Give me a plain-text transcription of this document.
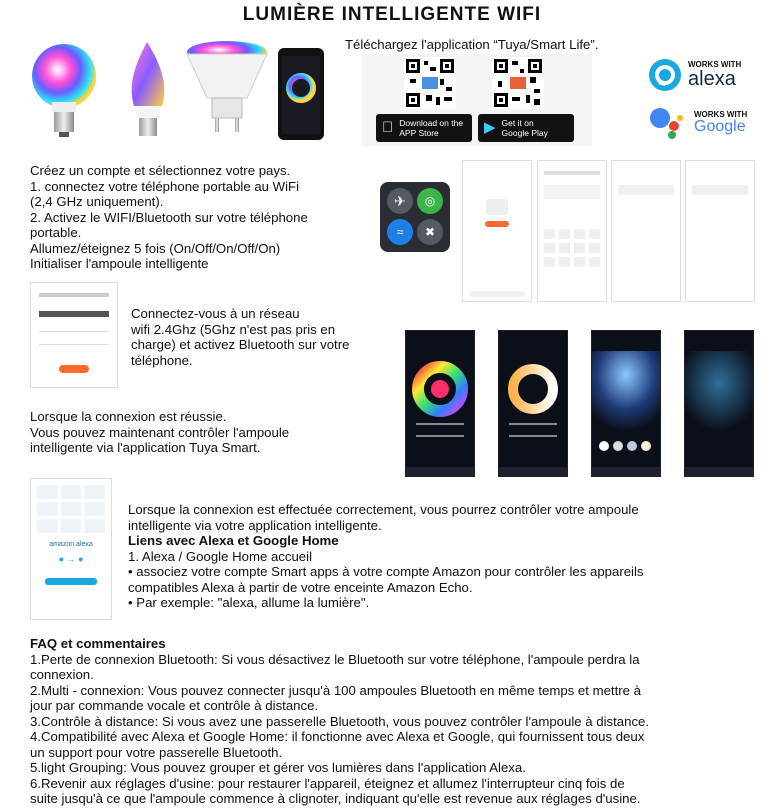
LUMIÈRE INTELLIGENTE WIFI
Téléchargez l'application “Tuya/Smart Life”.
Download on the
APP Store	▶ Get it on
Google Play
WORKS WITH
alexa
WORKS WITH
Google
Créez un compte et sélectionnez votre pays.
1. connectez votre téléphone portable au WiFi
(2,4 GHz uniquement).
2. Activez le WIFI/Bluetooth sur votre téléphone
portable.
Allumez/éteignez 5 fois (On/Off/On/Off/On)
Initialiser l'ampoule intelligente
✈	◎
≈	✖
Connectez-vous à un réseau
wifi 2.4Ghz (5Ghz n'est pas pris en
charge) et activez Bluetooth sur votre
téléphone.
Lorsque la connexion est réussie.
Vous pouvez maintenant contrôler l'ampoule
intelligente via l'application Tuya Smart.
amazon alexa
● → ●
Lorsque la connexion est effectuée correctement, vous pourrez contrôler votre ampoule
intelligente via votre application intelligente.
Liens avec Alexa et Google Home
1. Alexa / Google Home accueil
• associez votre compte Smart apps à votre compte Amazon pour contrôler les appareils
compatibles Alexa à partir de votre enceinte Amazon Echo.
• Par exemple: "alexa, allume la lumière".
FAQ et commentaires
1.Perte de connexion Bluetooth: Si vous désactivez le Bluetooth sur votre téléphone, l'ampoule perdra la
connexion.
2.Multi - connexion: Vous pouvez connecter jusqu'à 100 ampoules Bluetooth en même temps et mettre à
jour par commande vocale et contrôle à distance.
3.Contrôle à distance: Si vous avez une passerelle Bluetooth, vous pouvez contrôler l'ampoule à distance.
4.Compatibilité avec Alexa et Google Home: il fonctionne avec Alexa et Google, qui fournissent tous deux
un support pour votre passerelle Bluetooth.
5.light Grouping: Vous pouvez grouper et gérer vos lumières dans l'application Alexa.
6.Revenir aux réglages d'usine: pour restaurer l'appareil, éteignez et allumez l'interrupteur cinq fois de
suite jusqu'à ce que l'ampoule commence à clignoter, indiquant qu'elle est revenue aux réglages d'usine.
